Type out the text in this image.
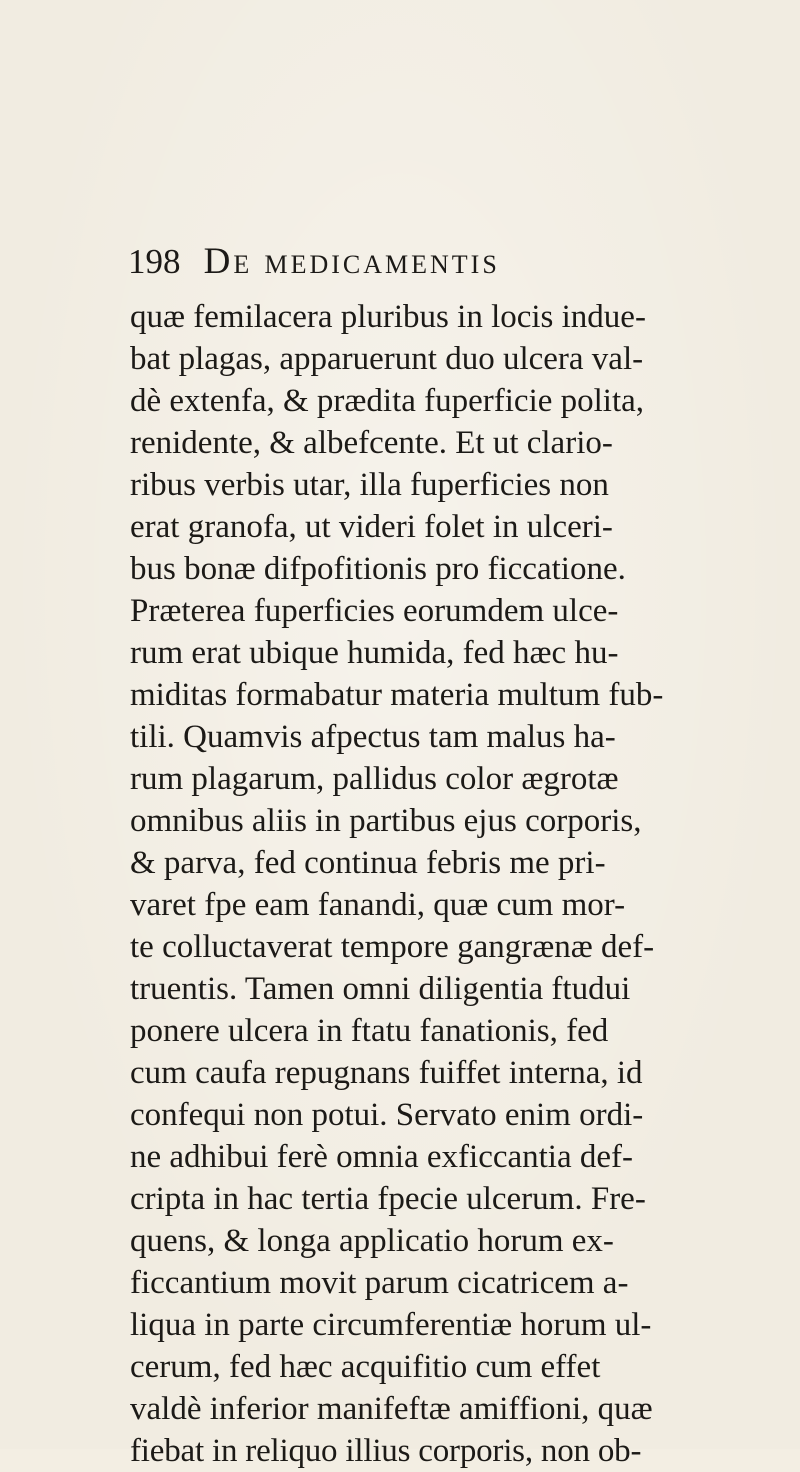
198 De medicamentis
quæ femilacera pluribus in locis indue-
bat plagas, apparuerunt duo ulcera val-
dè extenfa, & prædita fuperficie polita,
renidente, & albefcente. Et ut clario-
ribus verbis utar, illa fuperficies non
erat granofa, ut videri folet in ulceri-
bus bonæ difpofitionis pro ficcatione.
Præterea fuperficies eorumdem ulce-
rum erat ubique humida, fed hæc hu-
miditas formabatur materia multum fub-
tili. Quamvis afpectus tam malus ha-
rum plagarum, pallidus color ægrotæ
omnibus aliis in partibus ejus corporis,
& parva, fed continua febris me pri-
varet fpe eam fanandi, quæ cum mor-
te colluctaverat tempore gangrænæ def-
truentis. Tamen omni diligentia ftudui
ponere ulcera in ftatu fanationis, fed
cum caufa repugnans fuiffet interna, id
confequi non potui. Servato enim ordi-
ne adhibui ferè omnia exficcantia def-
cripta in hac tertia fpecie ulcerum. Fre-
quens, & longa applicatio horum ex-
ficcantium movit parum cicatricem a-
liqua in parte circumferentiæ horum ul-
cerum, fed hæc acquifitio cum effet
valdè inferior manifeftæ amiffioni, quæ
fiebat in reliquo illius corporis, non ob-
